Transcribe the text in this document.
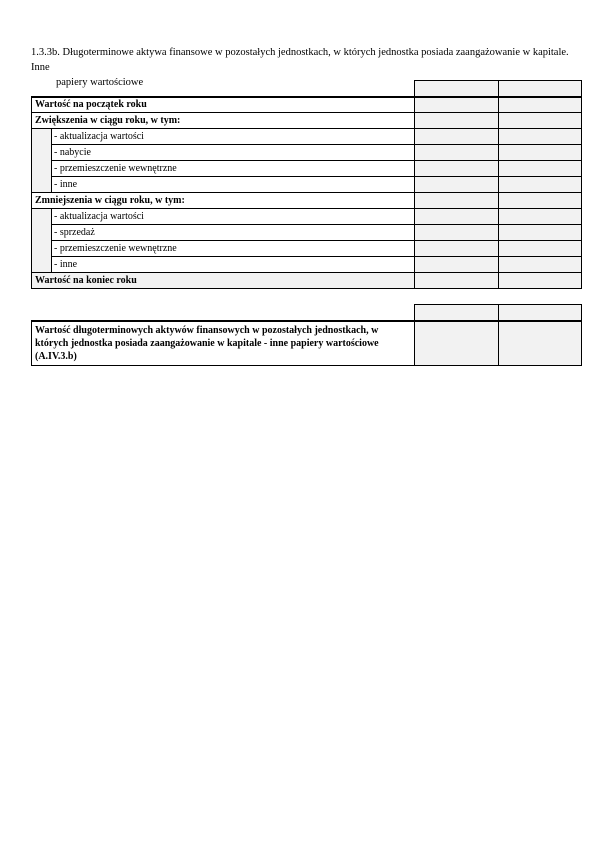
1.3.3b. Długoterminowe aktywa finansowe w pozostałych jednostkach, w których jednostka posiada zaangażowanie w kapitale. Inne
papiery wartościowe

Wartość na początek roku			
Zwiększenia w ciągu roku, w tym:			
	- aktualizacja wartości		
	- nabycie		
	- przemieszczenie wewnętrzne		
	- inne		
Zmniejszenia w ciągu roku, w tym:			
	- aktualizacja wartości		
	- sprzedaż		
	- przemieszczenie wewnętrzne		
	- inne		
Wartość na koniec roku			

Wartość długoterminowych aktywów finansowych w pozostałych jednostkach, w których jednostka posiada zaangażowanie w kapitale - inne papiery wartościowe (A.IV.3.b)		
